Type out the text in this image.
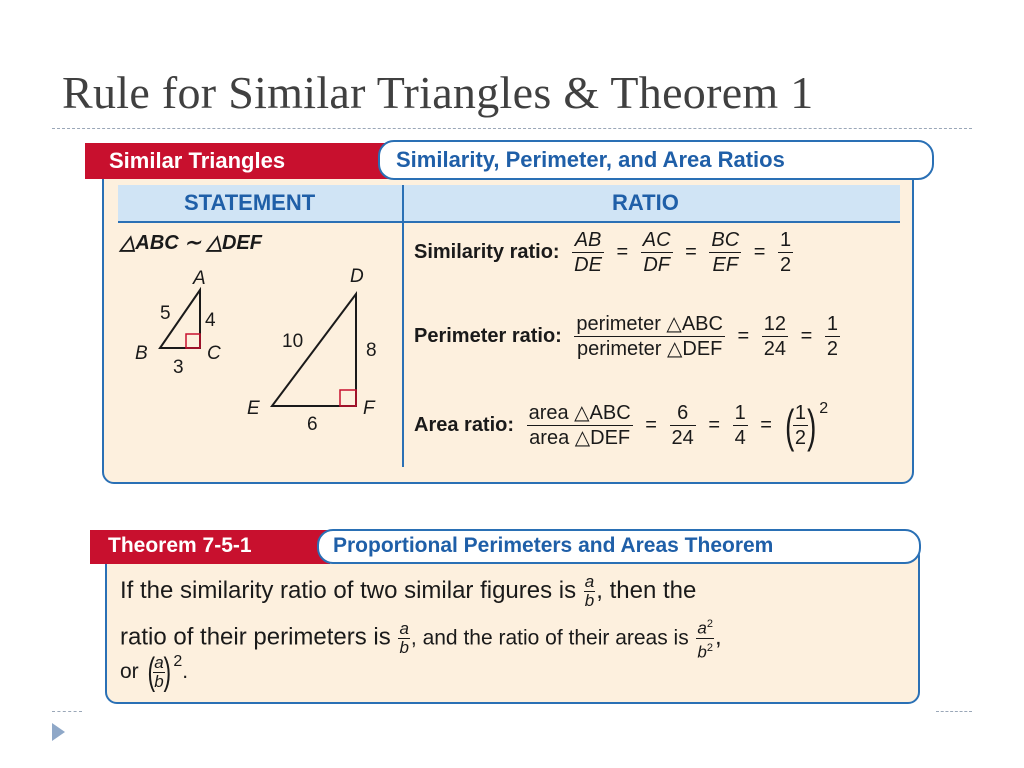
Rule for Similar Triangles & Theorem 1
Similar Triangles	Similarity, Perimeter, and Area Ratios
STATEMENT	RATIO
△ABC ∼ △DEF
A
B	C
5 4
3
D
E	F
10	8
6
Similarity ratio: $\frac{AB}{DE} = \frac{AC}{DF} = \frac{BC}{EF} = \frac{1}{2}$
Perimeter ratio: $\frac{\text{perimeter △ABC}}{\text{perimeter △DEF}} = \frac{12}{24} = \frac{1}{2}$
Area ratio: $\frac{\text{area △ABC}}{\text{area △DEF}} = \frac{6}{24} = \frac{1}{4}$ = ( $\frac{1}{2}$ ) $^2$
Theorem 7-5-1	Proportional Perimeters and Areas Theorem
If the similarity ratio of two similar figures is $\frac{a}{b}$ , then the
ratio of their perimeters is $\frac{a}{b}$ , and the ratio of their areas is $\frac{a^2}{b^2}$ ,
or (
$\frac{a}{b}$
) $^2$.
